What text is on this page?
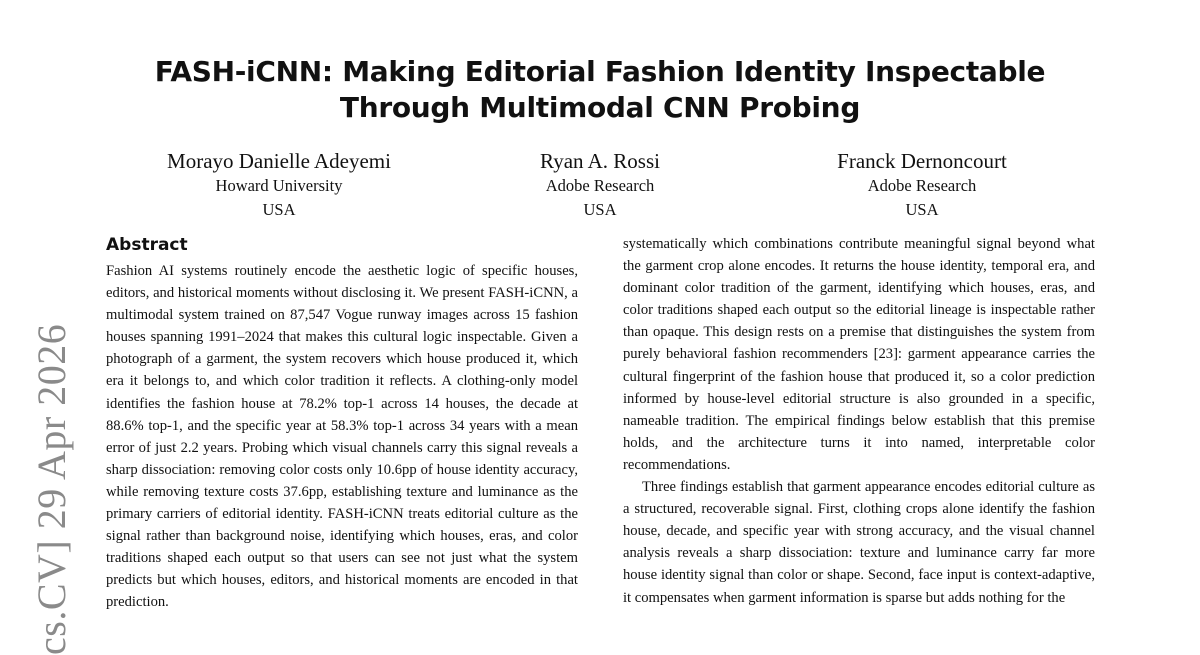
FASH-iCNN: Making Editorial Fashion Identity Inspectable
Through Multimodal CNN Probing
Morayo Danielle Adeyemi
Howard University
USA
Ryan A. Rossi
Adobe Research
USA
Franck Dernoncourt
Adobe Research
USA
cs.CV] 29 Apr 2026
Abstract

Fashion AI systems routinely encode the aesthetic logic of specific houses, editors, and historical moments without disclosing it. We present FASH-iCNN, a multimodal system trained on 87,547 Vogue runway images across 15 fashion houses spanning 1991–2024 that makes this cultural logic inspectable. Given a photograph of a garment, the system recovers which house produced it, which era it belongs to, and which color tradition it reflects. A clothing-only model identifies the fashion house at 78.2% top-1 across 14 houses, the decade at 88.6% top-1, and the specific year at 58.3% top-1 across 34 years with a mean error of just 2.2 years. Probing which visual channels carry this signal reveals a sharp dissociation: removing color costs only 10.6pp of house identity accuracy, while removing texture costs 37.6pp, establishing texture and luminance as the primary carriers of editorial identity. FASH-iCNN treats editorial culture as the signal rather than background noise, identifying which houses, eras, and color traditions shaped each output so that users can see not just what the system predicts but which houses, editors, and historical moments are encoded in that prediction.

systematically which combinations contribute meaningful signal beyond what the garment crop alone encodes. It returns the house identity, temporal era, and dominant color tradition of the garment, identifying which houses, eras, and color traditions shaped each output so the editorial lineage is inspectable rather than opaque. This design rests on a premise that distinguishes the system from purely behavioral fashion recommenders [23]: garment appearance carries the cultural fingerprint of the fashion house that produced it, so a color prediction informed by house-level editorial structure is also grounded in a specific, nameable tradition. The empirical findings below establish that this premise holds, and the architecture turns it into named, interpretable color recommendations.

Three findings establish that garment appearance encodes editorial culture as a structured, recoverable signal. First, clothing crops alone identify the fashion house, decade, and specific year with strong accuracy, and the visual channel analysis reveals a sharp dissociation: texture and luminance carry far more house identity signal than color or shape. Second, face input is context-adaptive, it compensates when garment information is sparse but adds nothing for the
